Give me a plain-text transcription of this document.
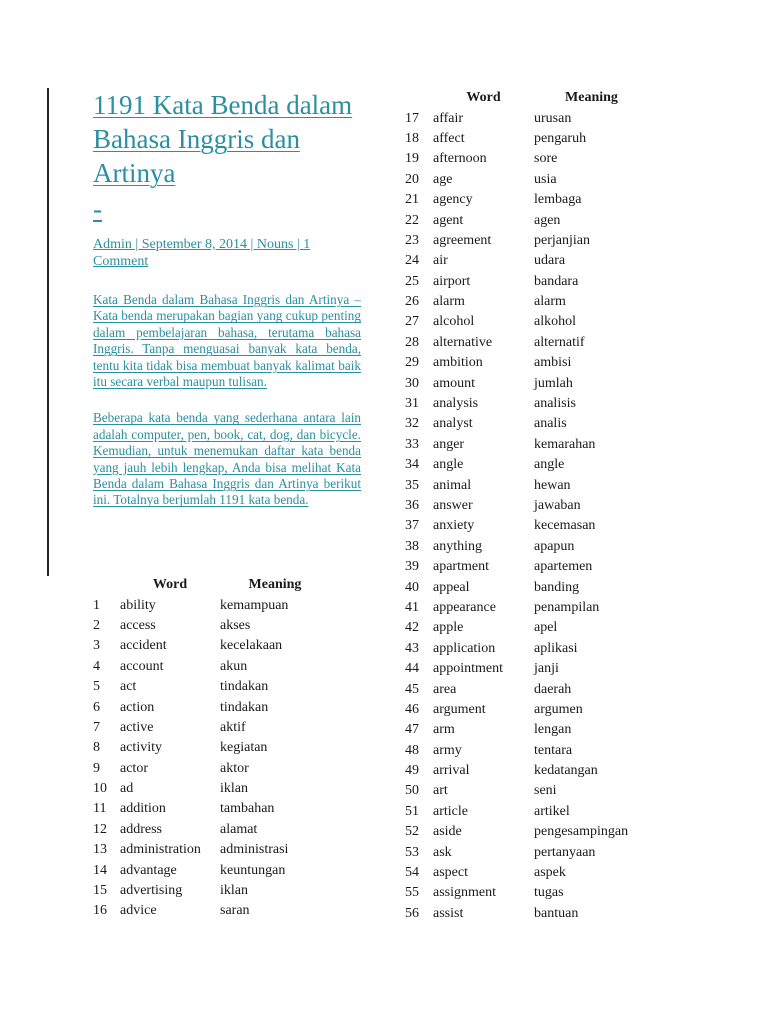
1191 Kata Benda dalam Bahasa Inggris dan Artinya
-
Admin | September 8, 2014 | Nouns | 1 Comment

Kata Benda dalam Bahasa Inggris dan Artinya – Kata benda merupakan bagian yang cukup penting dalam pembelajaran bahasa, terutama bahasa Inggris. Tanpa menguasai banyak kata benda, tentu kita tidak bisa membuat banyak kalimat baik itu secara verbal maupun tulisan.

Beberapa kata benda yang sederhana antara lain adalah computer, pen, book, cat, dog, dan bicycle. Kemudian, untuk menemukan daftar kata benda yang jauh lebih lengkap, Anda bisa melihat Kata Benda dalam Bahasa Inggris dan Artinya berikut ini. Totalnya berjumlah 1191 kata benda.

	Word	Meaning
1	ability	kemampuan
2	access	akses
3	accident	kecelakaan
4	account	akun
5	act	tindakan
6	action	tindakan
7	active	aktif
8	activity	kegiatan
9	actor	aktor
10	ad	iklan
11	addition	tambahan
12	address	alamat
13	administration	administrasi
14	advantage	keuntungan
15	advertising	iklan
16	advice	saran
	Word	Meaning
17	affair	urusan
18	affect	pengaruh
19	afternoon	sore
20	age	usia
21	agency	lembaga
22	agent	agen
23	agreement	perjanjian
24	air	udara
25	airport	bandara
26	alarm	alarm
27	alcohol	alkohol
28	alternative	alternatif
29	ambition	ambisi
30	amount	jumlah
31	analysis	analisis
32	analyst	analis
33	anger	kemarahan
34	angle	angle
35	animal	hewan
36	answer	jawaban
37	anxiety	kecemasan
38	anything	apapun
39	apartment	apartemen
40	appeal	banding
41	appearance	penampilan
42	apple	apel
43	application	aplikasi
44	appointment	janji
45	area	daerah
46	argument	argumen
47	arm	lengan
48	army	tentara
49	arrival	kedatangan
50	art	seni
51	article	artikel
52	aside	pengesampingan
53	ask	pertanyaan
54	aspect	aspek
55	assignment	tugas
56	assist	bantuan
